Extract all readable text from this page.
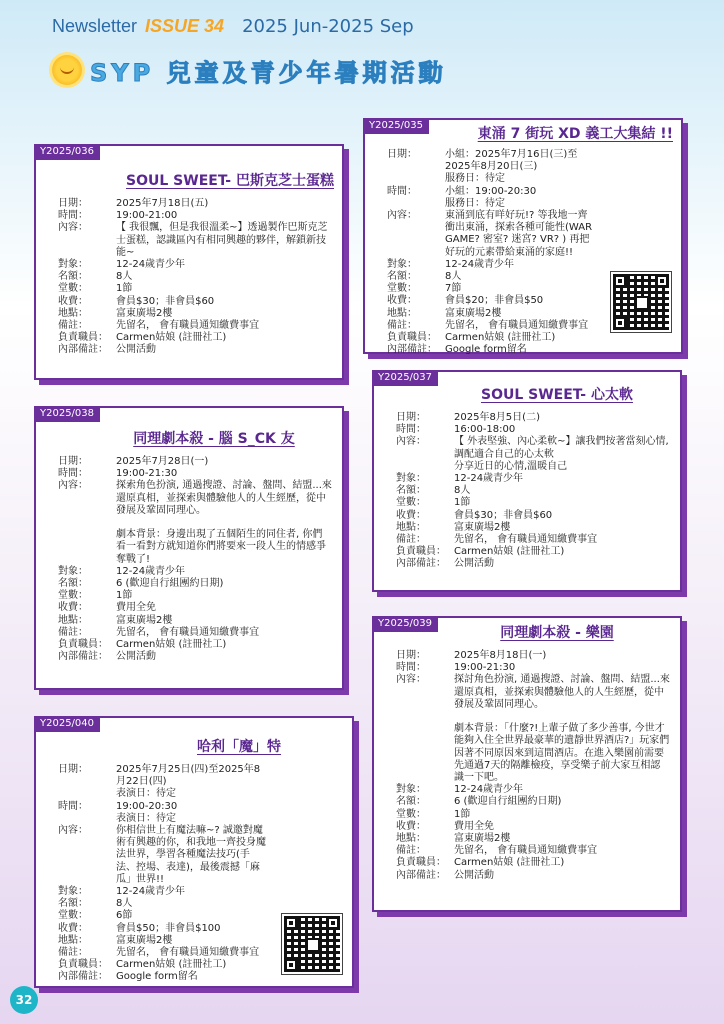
Newsletter ISSUE 34 2025 Jun-2025 Sep
SYP 兒童及青少年暑期活動
Y2025/035
東涌 7 街玩 XD 義工大集結 !!
日期：	小組：2025年7月16日(三)至2025年8月20日(三)
服務日：待定
時間：	小組：19:00-20:30
服務日：待定
內容：	東涌到底有咩好玩!? 等我地一齊衝出東涌，探索各種可能性(WAR GAME? 密室? 迷宮? VR? ) 再把好玩的元素帶給東涌的家庭!!
對象：	12-24歲青少年
名額：	8人
堂數：	7節
收費：	會員$20；非會員$50
地點：	富東廣場2樓
備註：	先留名， 會有職員通知繳費事宜
負責職員： Carmen姑娘 (註冊社工)
內部備註： Google form留名
Y2025/036
SOUL SWEET- 巴斯克芝士蛋糕
日期：	2025年7月18日(五)
時間：	19:00-21:00
內容：	【 我很飄，但是我很溫柔~】透過製作巴斯克芝士蛋糕，認識區內有相同興趣的夥伴，解鎖新技能~
對象：	12-24歲青少年
名額：	8人
堂數：	1節
收費：	會員$30；非會員$60
地點：	富東廣場2樓
備註：	先留名， 會有職員通知繳費事宜
負責職員： Carmen姑娘 (註冊社工)
內部備註： 公開活動
Y2025/037
SOUL SWEET- 心太軟
日期：	2025年8月5日(二)
時間：	16:00-18:00
內容：	【 外表堅強、內心柔軟~】讓我們按著當刻心情,調配適合自己的心太軟
分享近日的心情,溫暖自己
對象：	12-24歲青少年
名額：	8人
堂數：	1節
收費：	會員$30；非會員$60
地點：	富東廣場2樓
備註：	先留名， 會有職員通知繳費事宜
負責職員： Carmen姑娘 (註冊社工)
內部備註： 公開活動
Y2025/038
同理劇本殺 - 腦 S_CK 友
日期：	2025年7月28日(一)
時間：	19:00-21:30
內容：	探索角色扮演, 通過搜證、討論、盤問、結盟...來還原真相，並探索與體驗他人的人生經歷，從中發展及鞏固同理心。

劇本背景：身邊出現了五個陌生的同住者, 你們看一看對方就知道你們將要來一段人生的情感爭奪戰了!
對象：	12-24歲青少年
名額：	6 (歡迎自行組團約日期)
堂數：	1節
收費：	費用全免
地點：	富東廣場2樓
備註：	先留名， 會有職員通知繳費事宜
負責職員： Carmen姑娘 (註冊社工)
內部備註： 公開活動
Y2025/039
同理劇本殺 - 樂園
日期：	2025年8月18日(一)
時間：	19:00-21:30
內容：	探討角色扮演, 通過搜證、討論、盤問、結盟...來還原真相，並探索與體驗他人的人生經歷，從中發展及鞏固同理心。

劇本背景：「什麼?!上輩子做了多少善事, 今世才能夠入住全世界最豪華的遺靜世界酒店?」玩家們因著不同原因來到這間酒店。在進入樂園前需要先通過7天的隔離檢疫，享受樂子前大家互相認識一下吧。
對象：	12-24歲青少年
名額：	6 (歡迎自行組團約日期)
堂數：	1節
收費：	費用全免
地點：	富東廣場2樓
備註：	先留名， 會有職員通知繳費事宜
負責職員： Carmen姑娘 (註冊社工)
內部備註： 公開活動
Y2025/040
哈利「魔」特
日期：	2025年7月25日(四)至2025年8月22日(四)
表演日：待定
時間：	19:00-20:30
表演日：待定
內容：	你相信世上有魔法嘛~? 誠邀對魔術有興趣的你，和我地一齊投身魔法世界，學習各種魔法技巧(手法、控場、表達)，最後震撼「麻瓜」世界!!
對象：	12-24歲青少年
名額：	8人
堂數：	6節
收費：	會員$50；非會員$100
地點：	富東廣場2樓
備註：	先留名， 會有職員通知繳費事宜
負責職員： Carmen姑娘 (註冊社工)
內部備註： Google form留名
32
